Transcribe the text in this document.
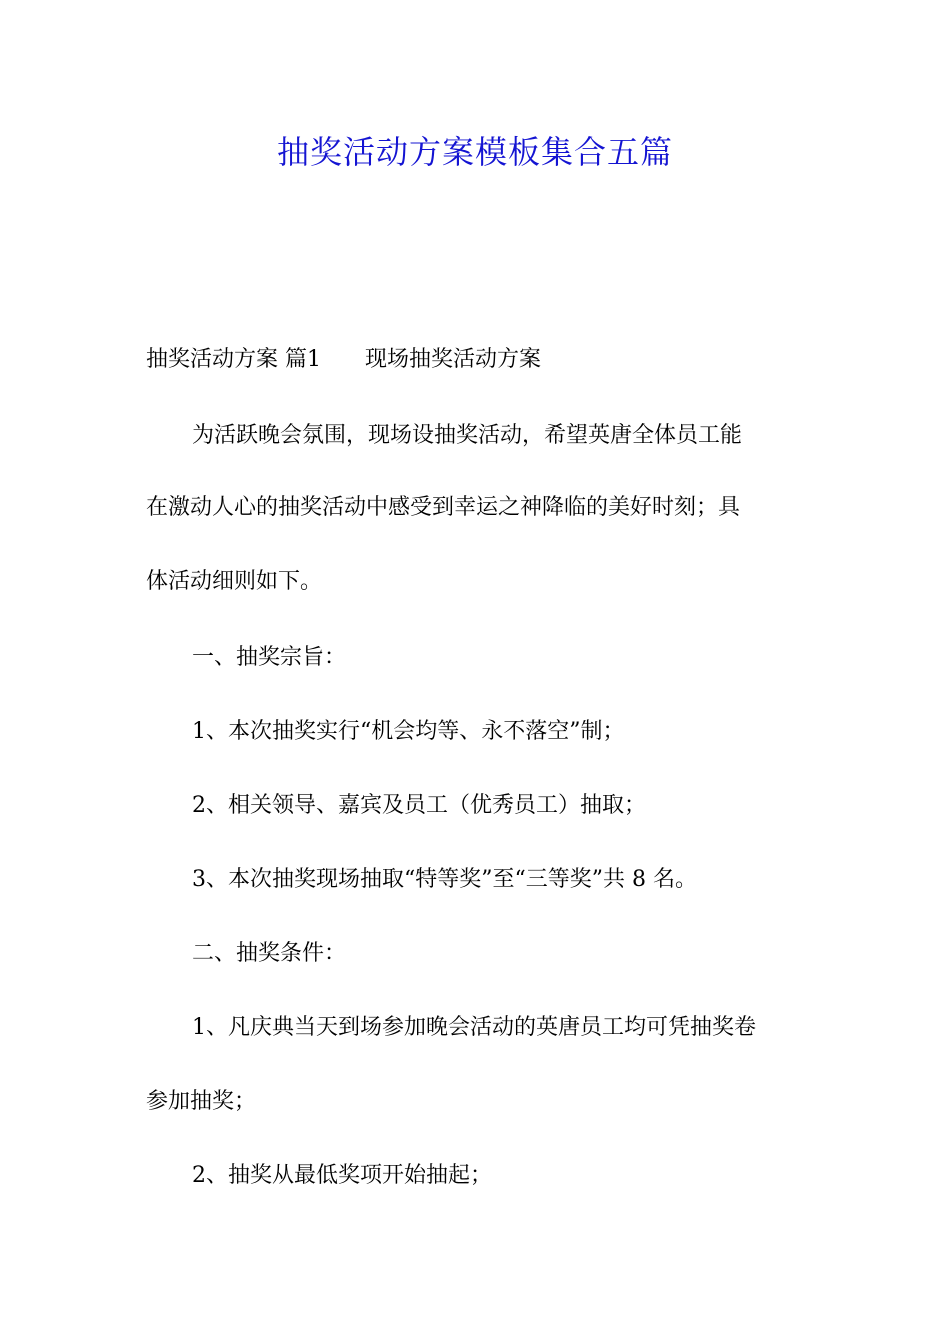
抽奖活动方案模板集合五篇
抽奖活动方案 篇1 现场抽奖活动方案
为活跃晚会氛围，现场设抽奖活动，希望英唐全体员工能
在激动人心的抽奖活动中感受到幸运之神降临的美好时刻；具
体活动细则如下。
一、抽奖宗旨：
1、本次抽奖实行“机会均等、永不落空”制；
2、相关领导、嘉宾及员工（优秀员工）抽取；
3、本次抽奖现场抽取“特等奖”至“三等奖”共 8 名。
二、抽奖条件：
1、凡庆典当天到场参加晚会活动的英唐员工均可凭抽奖卷
参加抽奖；
2、抽奖从最低奖项开始抽起；
